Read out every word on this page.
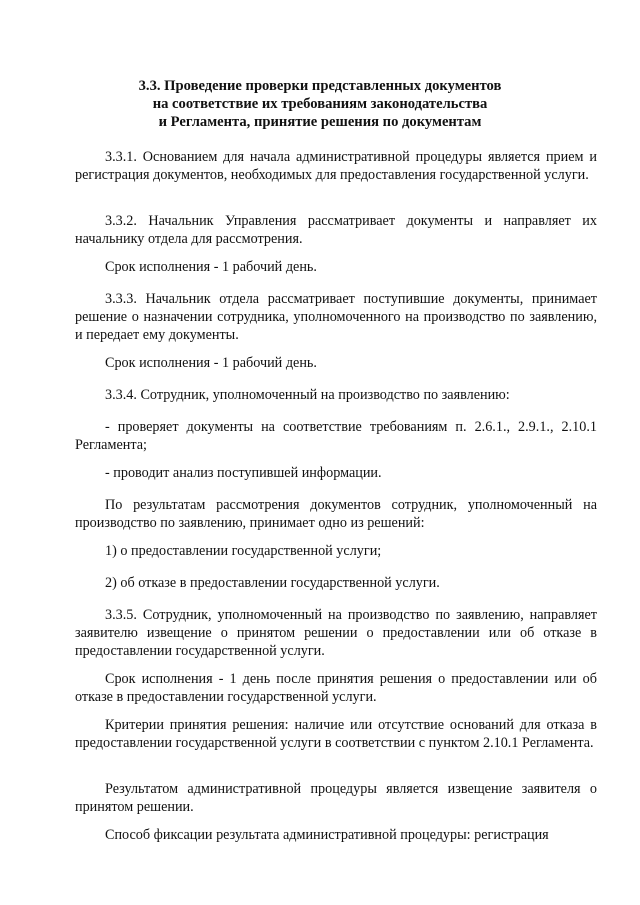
3.3. Проведение проверки представленных документов
на соответствие их требованиям законодательства
и Регламента, принятие решения по документам

3.3.1. Основанием для начала административной процедуры является прием и регистрация документов, необходимых для предоставления государственной услуги.

3.3.2. Начальник Управления рассматривает документы и направляет их начальнику отдела для рассмотрения.

Срок исполнения - 1 рабочий день.

3.3.3. Начальник отдела рассматривает поступившие документы, принимает решение о назначении сотрудника, уполномоченного на производство по заявлению, и передает ему документы.

Срок исполнения - 1 рабочий день.

3.3.4. Сотрудник, уполномоченный на производство по заявлению:

- проверяет документы на соответствие требованиям п. 2.6.1., 2.9.1., 2.10.1 Регламента;

- проводит анализ поступившей информации.

По результатам рассмотрения документов сотрудник, уполномоченный на производство по заявлению, принимает одно из решений:

1) о предоставлении государственной услуги;

2) об отказе в предоставлении государственной услуги.

3.3.5. Сотрудник, уполномоченный на производство по заявлению, направляет заявителю извещение о принятом решении о предоставлении или об отказе в предоставлении государственной услуги.

Срок исполнения - 1 день после принятия решения о предоставлении или об отказе в предоставлении государственной услуги.

Критерии принятия решения: наличие или отсутствие оснований для отказа в предоставлении государственной услуги в соответствии с пунктом 2.10.1 Регламента.

Результатом административной процедуры является извещение заявителя о принятом решении.

Способ фиксации результата административной процедуры: регистрация
